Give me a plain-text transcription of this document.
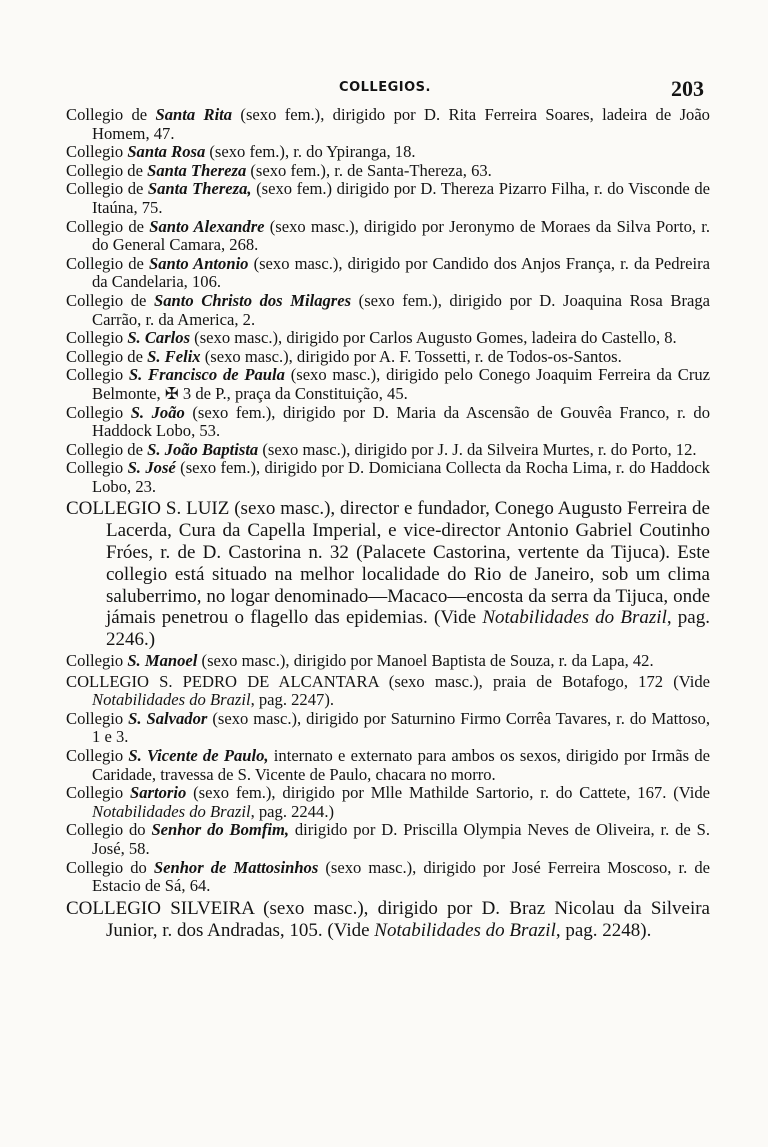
COLLEGIOS.	203

Collegio de Santa Rita (sexo fem.), dirigido por D. Rita Ferreira Soares, ladeira de João Homem, 47.

Collegio Santa Rosa (sexo fem.), r. do Ypiranga, 18.

Collegio de Santa Thereza (sexo fem.), r. de Santa-Thereza, 63.

Collegio de Santa Thereza, (sexo fem.) dirigido por D. Thereza Pizarro Filha, r. do Visconde de Itaúna, 75.

Collegio de Santo Alexandre (sexo masc.), dirigido por Jeronymo de Moraes da Silva Porto, r. do General Camara, 268.

Collegio de Santo Antonio (sexo masc.), dirigido por Candido dos Anjos França, r. da Pedreira da Candelaria, 106.

Collegio de Santo Christo dos Milagres (sexo fem.), dirigido por D. Joaquina Rosa Braga Carrão, r. da America, 2.

Collegio S. Carlos (sexo masc.), dirigido por Carlos Augusto Gomes, ladeira do Castello, 8.

Collegio de S. Felix (sexo masc.), dirigido por A. F. Tossetti, r. de Todos-os-Santos.

Collegio S. Francisco de Paula (sexo masc.), dirigido pelo Conego Joaquim Ferreira da Cruz Belmonte, ✠ 3 de P., praça da Constituição, 45.

Collegio S. João (sexo fem.), dirigido por D. Maria da Ascensão de Gouvêa Franco, r. do Haddock Lobo, 53.

Collegio de S. João Baptista (sexo masc.), dirigido por J. J. da Silveira Murtes, r. do Porto, 12.

Collegio S. José (sexo fem.), dirigido por D. Domiciana Collecta da Rocha Lima, r. do Haddock Lobo, 23.

COLLEGIO S. LUIZ (sexo masc.), director e fundador, Conego Augusto Ferreira de Lacerda, Cura da Capella Imperial, e vice-director Antonio Gabriel Coutinho Fróes, r. de D. Castorina n. 32 (Palacete Castorina, vertente da Tijuca). Este collegio está situado na melhor localidade do Rio de Janeiro, sob um clima saluberrimo, no logar denominado—Macaco—encosta da serra da Tijuca, onde jámais penetrou o flagello das epidemias. (Vide Notabilidades do Brazil, pag. 2246.)

Collegio S. Manoel (sexo masc.), dirigido por Manoel Baptista de Souza, r. da Lapa, 42.

COLLEGIO S. PEDRO DE ALCANTARA (sexo masc.), praia de Botafogo, 172 (Vide Notabilidades do Brazil, pag. 2247).

Collegio S. Salvador (sexo masc.), dirigido por Saturnino Firmo Corrêa Tavares, r. do Mattoso, 1 e 3.

Collegio S. Vicente de Paulo, internato e externato para ambos os sexos, dirigido por Irmãs de Caridade, travessa de S. Vicente de Paulo, chacara no morro.

Collegio Sartorio (sexo fem.), dirigido por Mlle Mathilde Sartorio, r. do Cattete, 167. (Vide Notabilidades do Brazil, pag. 2244.)

Collegio do Senhor do Bomfim, dirigido por D. Priscilla Olympia Neves de Oliveira, r. de S. José, 58.

Collegio do Senhor de Mattosinhos (sexo masc.), dirigido por José Ferreira Moscoso, r. de Estacio de Sá, 64.

COLLEGIO SILVEIRA (sexo masc.), dirigido por D. Braz Nicolau da Silveira Junior, r. dos Andradas, 105. (Vide Notabilidades do Brazil, pag. 2248).
